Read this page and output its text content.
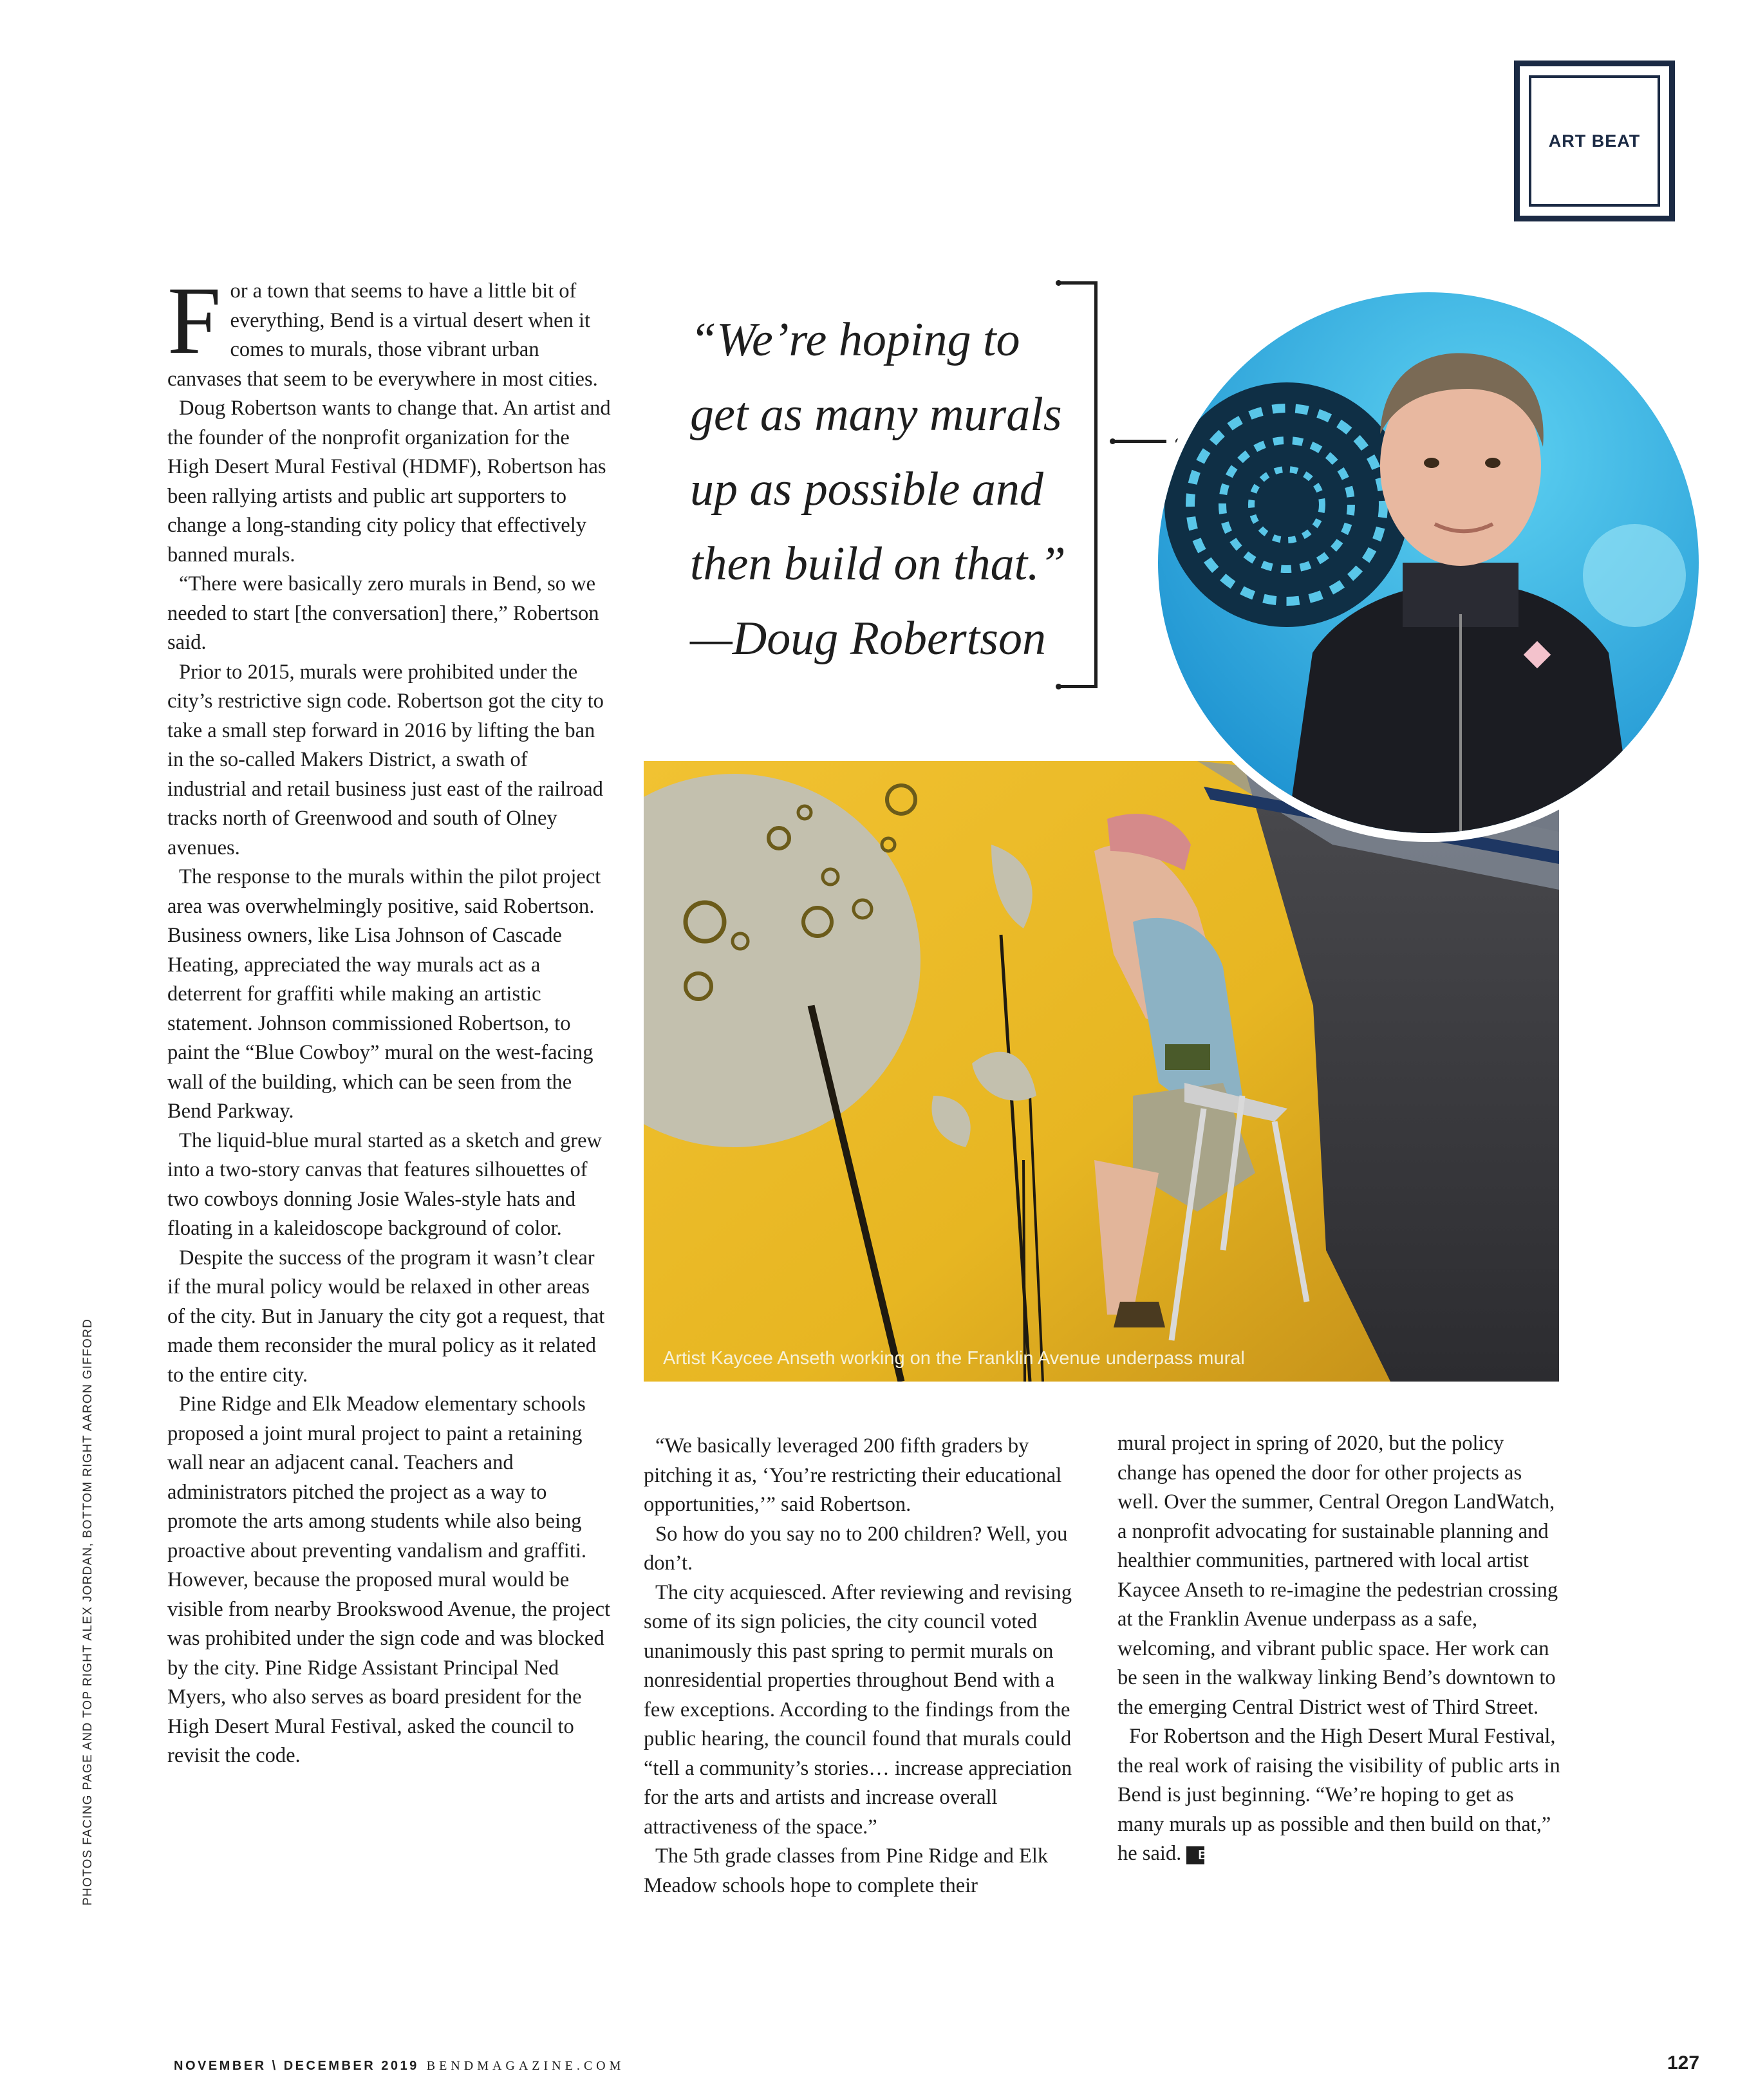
ART BEAT

For a town that seems to have a little bit of everything, Bend is a virtual desert when it comes to murals, those vibrant urban canvases that seem to be everywhere in most cities.

Doug Robertson wants to change that. An artist and the founder of the nonprofit organization for the High Desert Mural Festival (HDMF), Robertson has been rallying artists and public art supporters to change a long-standing city policy that effectively banned murals.

“There were basically zero murals in Bend, so we needed to start [the conversation] there,” Robertson said.

Prior to 2015, murals were prohibited under the city’s restrictive sign code. Robertson got the city to take a small step forward in 2016 by lifting the ban in the so-called Makers District, a swath of industrial and retail business just east of the railroad tracks north of Greenwood and south of Olney avenues.

The response to the murals within the pilot project area was overwhelmingly positive, said Robertson. Business owners, like Lisa Johnson of Cascade Heating, appreciated the way murals act as a deterrent for graffiti while making an artistic statement. Johnson commissioned Robertson, to paint the “Blue Cowboy” mural on the west-facing wall of the building, which can be seen from the Bend Parkway.

The liquid-blue mural started as a sketch and grew into a two-story canvas that features silhouettes of two cowboys donning Josie Wales-style hats and floating in a kaleidoscope background of color.

Despite the success of the program it wasn’t clear if the mural policy would be relaxed in other areas of the city. But in January the city got a request, that made them reconsider the mural policy as it related to the entire city.

Pine Ridge and Elk Meadow elementary schools proposed a joint mural project to paint a retaining wall near an adjacent canal. Teachers and administrators pitched the project as a way to promote the arts among students while also being proactive about preventing vandalism and graffiti. However, because the proposed mural would be visible from nearby Brookswood Avenue, the project was prohibited under the sign code and was blocked by the city. Pine Ridge Assistant Principal Ned Myers, who also serves as board president for the High Desert Mural Festival, asked the council to revisit the code.

“We’re hoping to
get as many murals
up as possible and
then build on that.”
—Doug Robertson
Artist Kaycee Anseth working on the Franklin Avenue underpass mural

“We basically leveraged 200 fifth graders by pitching it as, ‘You’re restricting their educational opportunities,’” said Robertson.

So how do you say no to 200 children? Well, you don’t.

The city acquiesced. After reviewing and revising some of its sign policies, the city council voted unanimously this past spring to permit murals on nonresidential properties throughout Bend with a few exceptions. According to the findings from the public hearing, the council found that murals could “tell a community’s stories… increase appreciation for the arts and artists and increase overall attractiveness of the space.”

The 5th grade classes from Pine Ridge and Elk Meadow schools hope to complete their

mural project in spring of 2020, but the policy change has opened the door for other projects as well. Over the summer, Central Oregon LandWatch, a nonprofit advocating for sustainable planning and healthier communities, partnered with local artist Kaycee Anseth to re-imagine the pedestrian crossing at the Franklin Avenue underpass as a safe, welcoming, and vibrant public space. Her work can be seen in the walkway linking Bend’s downtown to the emerging Central District west of Third Street.

For Robertson and the High Desert Mural Festival, the real work of raising the visibility of public arts in Bend is just beginning. “We’re hoping to get as many murals up as possible and then build on that,” he said. B

PHOTOS FACING PAGE AND TOP RIGHT ALEX JORDAN, BOTTOM RIGHT AARON GIFFORD
NOVEMBER \ DECEMBER 2019 BENDMAGAZINE.COM	127
